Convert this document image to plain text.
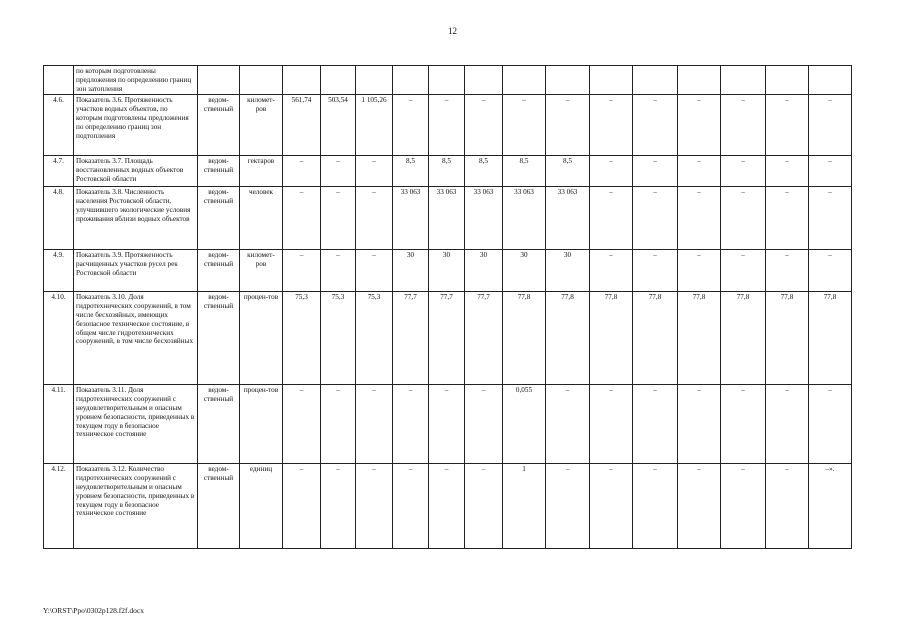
12
	по которым подготовлены предложения по определению границ зон затопления																
4.6.	Показатель 3.6. Протяженность участков водных объектов, по которым подготовлены предложения по определению границ зон подтопления	ведом-ственный	километ-ров	561,74	503,54	1 105,26	–	–	–	–	–	–	–	–	–	–	–
4.7.	Показатель 3.7. Площадь восстановленных водных объектов Ростовской области	ведом-ственный	гектаров	–	–	–	8,5	8,5	8,5	8,5	8,5	–	–	–	–	–	–
4.8.	Показатель 3.8. Численность населения Ростовской области, улучшившего экологические условия проживания вблизи водных объектов	ведом-ственный	человек	–	–	–	33 063	33 063	33 063	33 063	33 063	–	–	–	–	–	–
4.9.	Показатель 3.9. Протяженность расчищенных участков русел рек Ростовской области	ведом-ственный	километ-ров	–	–	–	30	30	30	30	30	–	–	–	–	–	–
4.10.	Показатель 3.10. Доля гидротехнических сооружений, в том числе бесхозяйных, имеющих безопасное техническое состояние, в общем числе гидротехнических сооружений, в том числе бесхозяйных	ведом-ственный	процен-тов	75,3	75,3	75,3	77,7	77,7	77,7	77,8	77,8	77,8	77,8	77,8	77,8	77,8	77,8
4.11.	Показатель 3.11. Доля гидротехнических сооружений с неудовлетворительным и опасным уровнем безопасности, приведенных в текущем году в безопасное техническое состояние	ведом-ственный	процен-тов	–	–	–	–	–	–	0,055	–	–	–	–	–	–	–
4.12.	Показатель 3.12. Количество гидротехнических сооружений с неудовлетворительным и опасным уровнем безопасности, приведенных в текущем году в безопасное техническое состояние	ведом-ственный	единиц	–	–	–	–	–	–	1	–	–	–	–	–	–	–».
Y:\ORST\Ppo\0302p128.f2f.docx
